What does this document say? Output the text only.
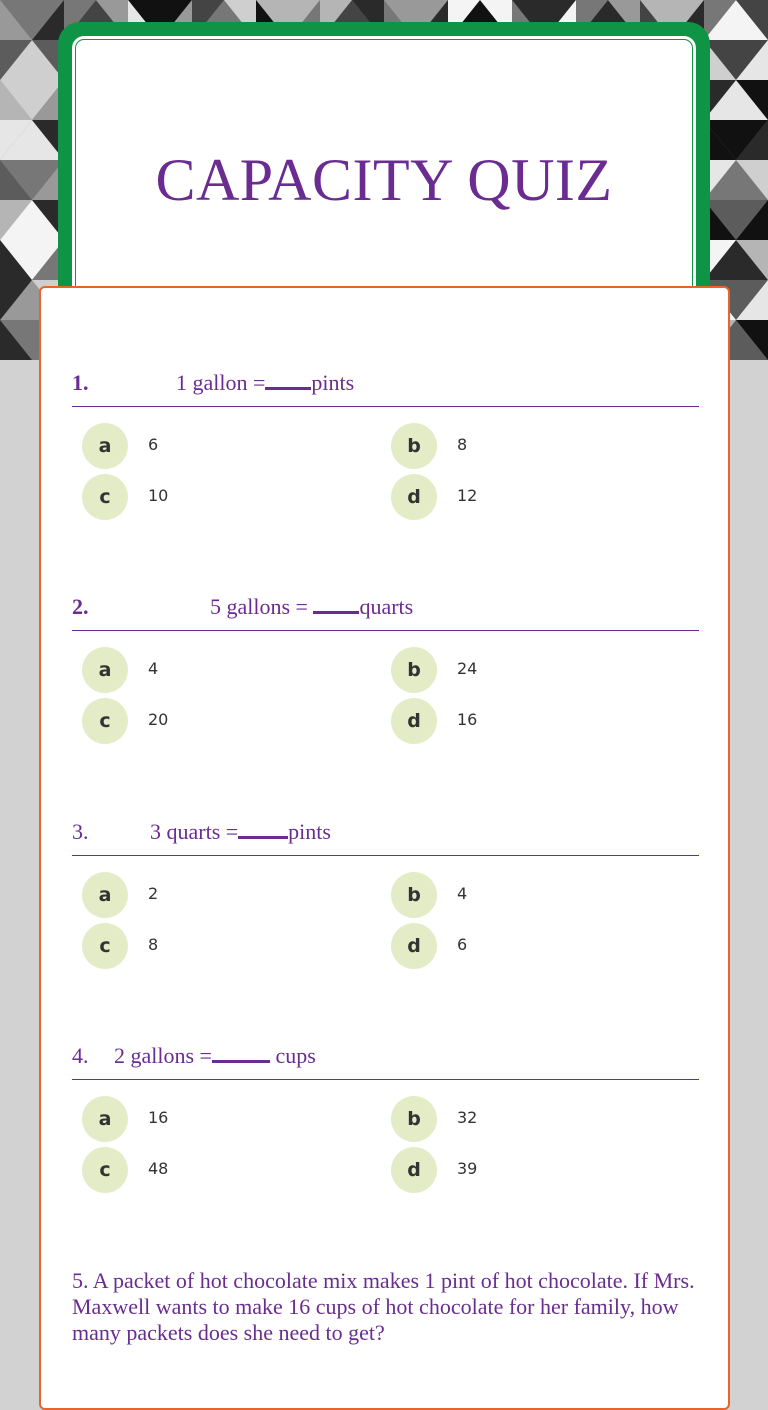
CAPACITY QUIZ

1.	1 gallon = pints

a	6	b	8
c	10	d	12

2.	5 gallons = quarts

a	4	b	24
c	20	d	16

3.	3 quarts = pints

a	2	b	4
c	8	d	6

4. 2 gallons =	cups

a	16	b	32
c	48	d	39

5. A packet of hot chocolate mix makes 1 pint of hot chocolate. If Mrs. Maxwell wants to make 16 cups of hot chocolate for her family, how many packets does she need to get?
